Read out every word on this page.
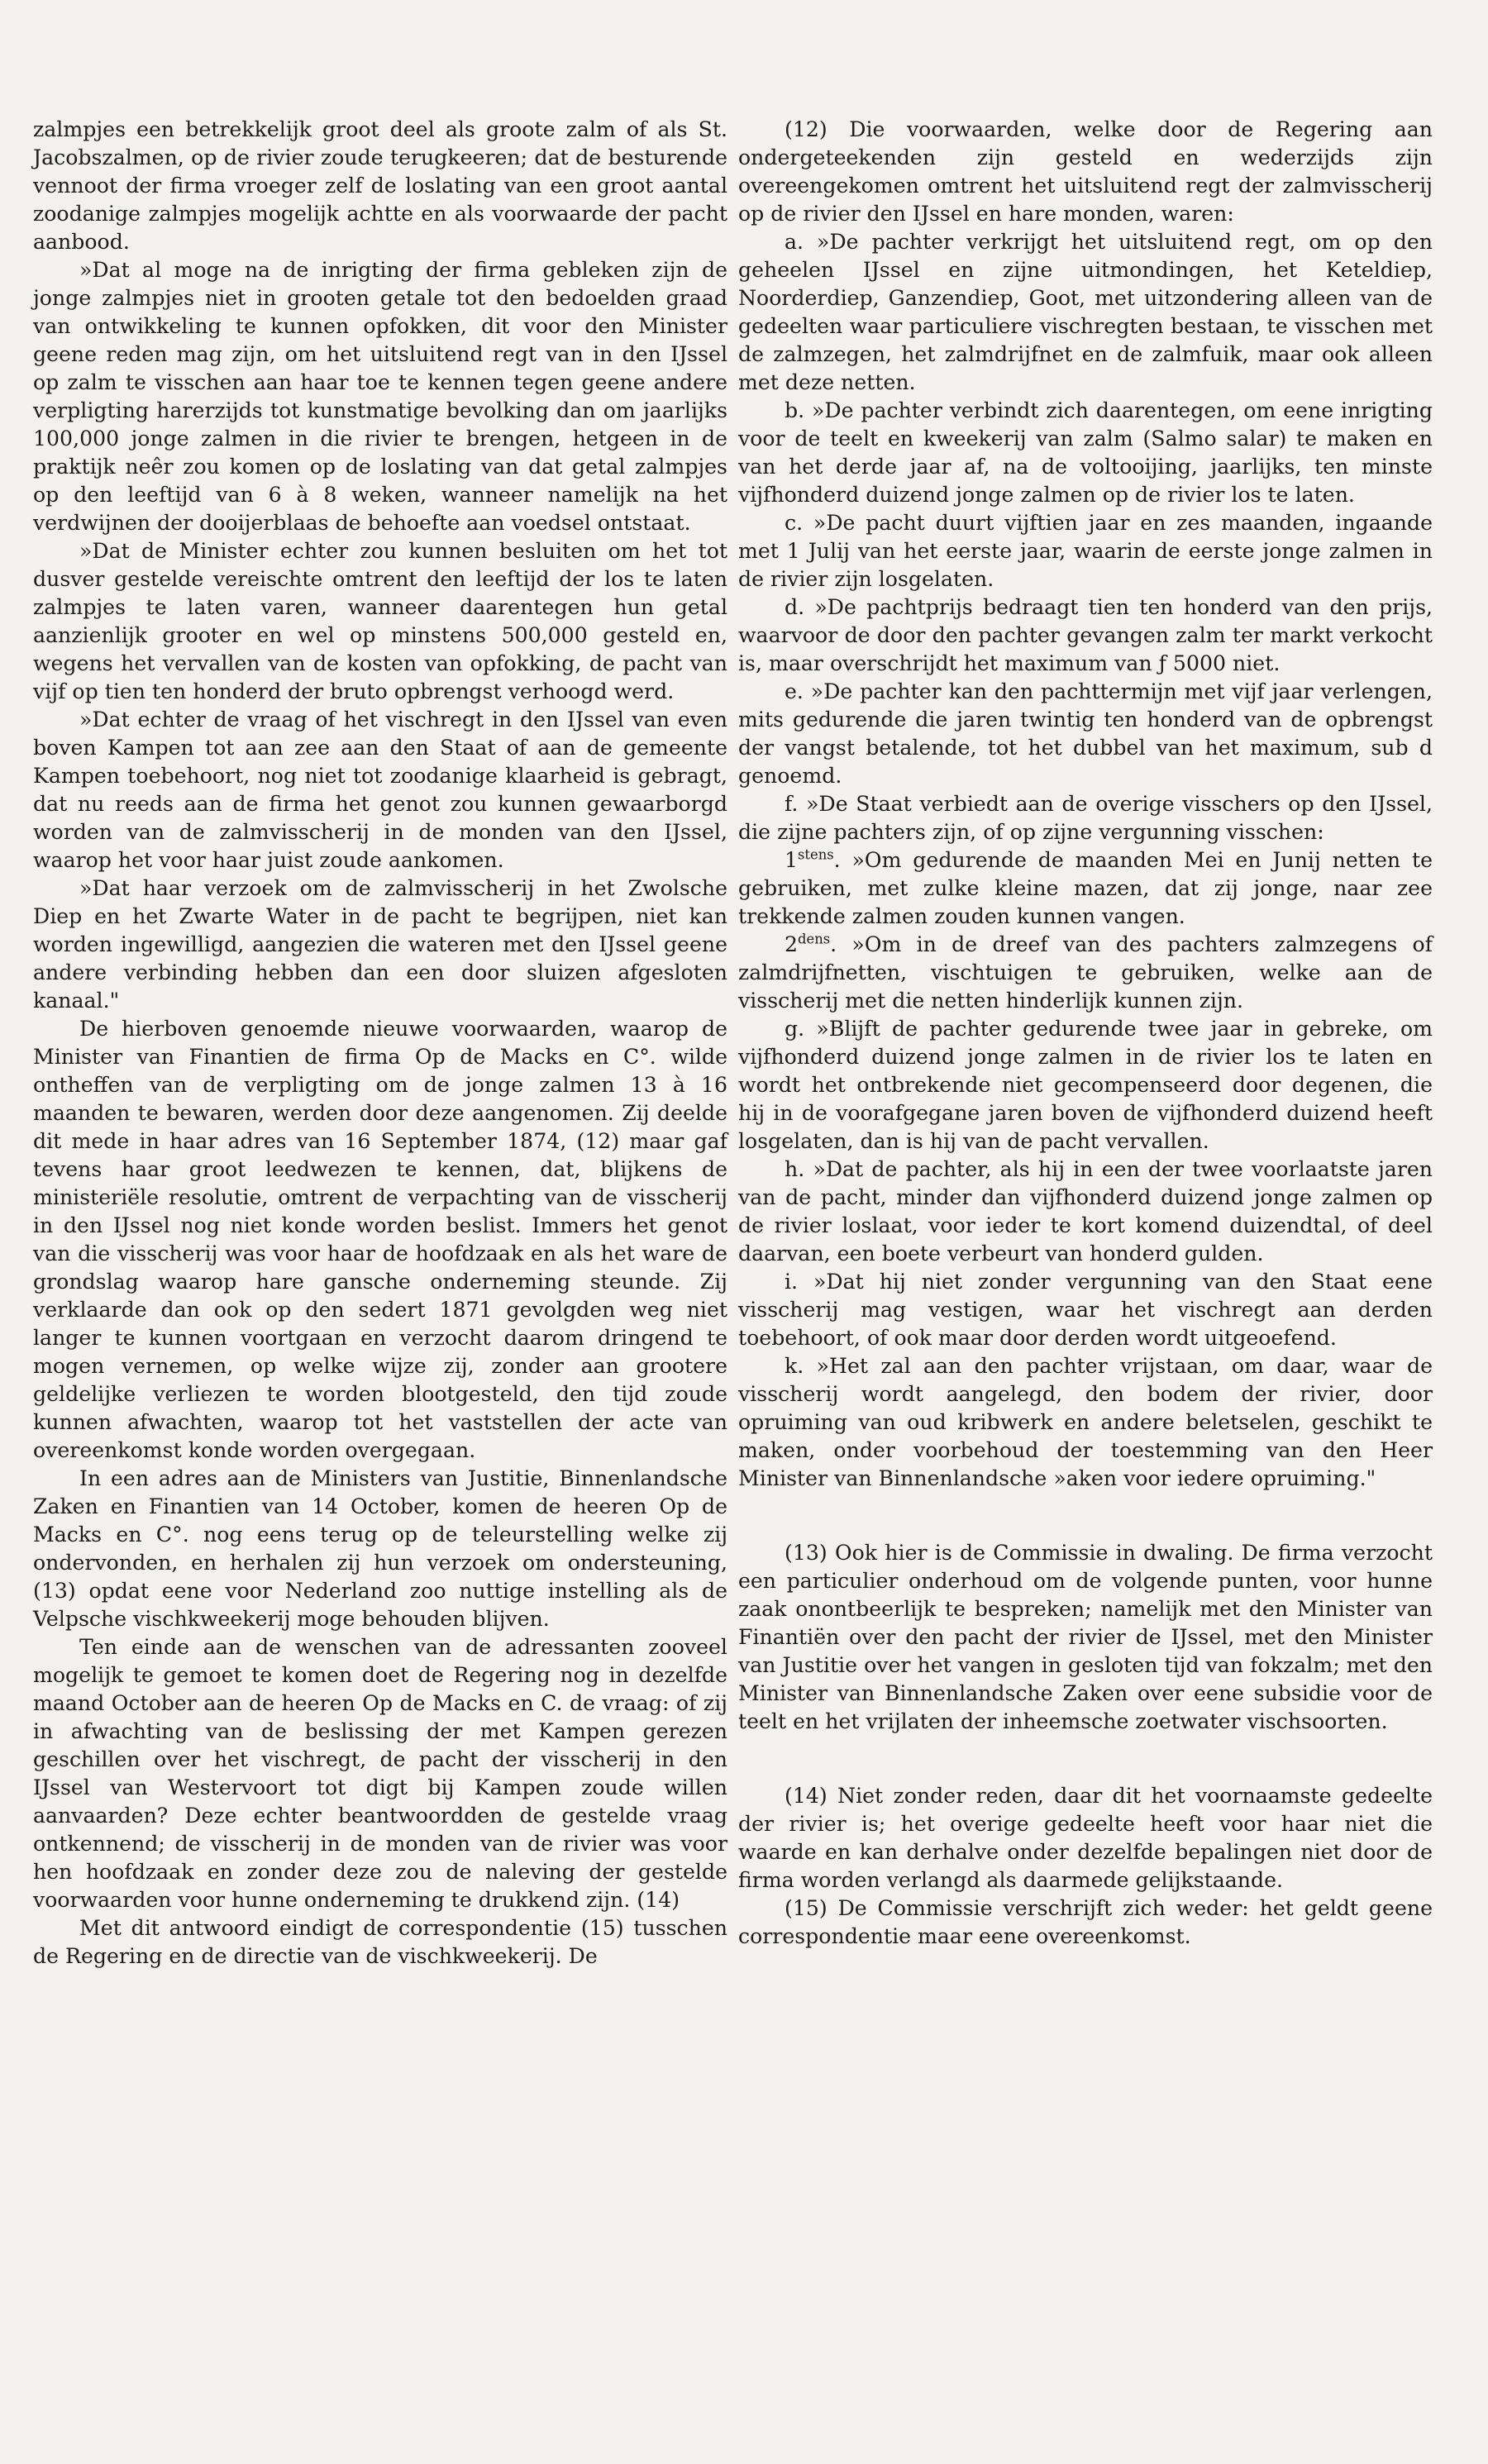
zalmpjes een betrekkelijk groot deel als groote zalm of als St. Jacobszalmen, op de rivier zoude terugkeeren; dat de besturende vennoot der firma vroeger zelf de loslating van een groot aantal zoodanige zalmpjes mogelijk achtte en als voorwaarde der pacht aanbood.

»Dat al moge na de inrigting der firma gebleken zijn de jonge zalmpjes niet in grooten getale tot den bedoelden graad van ontwikkeling te kunnen opfokken, dit voor den Minister geene reden mag zijn, om het uitsluitend regt van in den IJssel op zalm te visschen aan haar toe te kennen tegen geene andere verpligting harerzijds tot kunstmatige bevolking dan om jaarlijks 100,000 jonge zalmen in die rivier te brengen, hetgeen in de praktijk neêr zou komen op de loslating van dat getal zalmpjes op den leeftijd van 6 à 8 weken, wanneer namelijk na het verdwijnen der dooijerblaas de behoefte aan voedsel ontstaat.

»Dat de Minister echter zou kunnen besluiten om het tot dusver gestelde vereischte omtrent den leeftijd der los te laten zalmpjes te laten varen, wanneer daarentegen hun getal aanzienlijk grooter en wel op minstens 500,000 gesteld en, wegens het vervallen van de kosten van opfokking, de pacht van vijf op tien ten honderd der bruto opbrengst verhoogd werd.

»Dat echter de vraag of het vischregt in den IJssel van even boven Kampen tot aan zee aan den Staat of aan de gemeente Kampen toebehoort, nog niet tot zoodanige klaarheid is gebragt, dat nu reeds aan de firma het genot zou kunnen gewaarborgd worden van de zalmvisscherij in de monden van den IJssel, waarop het voor haar juist zoude aankomen.

»Dat haar verzoek om de zalmvisscherij in het Zwolsche Diep en het Zwarte Water in de pacht te begrijpen, niet kan worden ingewilligd, aangezien die wateren met den IJssel geene andere verbinding hebben dan een door sluizen afgesloten kanaal."

De hierboven genoemde nieuwe voorwaarden, waarop de Minister van Finantien de firma Op de Macks en C°. wilde ontheffen van de verpligting om de jonge zalmen 13 à 16 maanden te bewaren, werden door deze aangenomen. Zij deelde dit mede in haar adres van 16 September 1874, (12) maar gaf tevens haar groot leedwezen te kennen, dat, blijkens de ministeriële resolutie, omtrent de verpachting van de visscherij in den IJssel nog niet konde worden beslist. Immers het genot van die visscherij was voor haar de hoofdzaak en als het ware de grondslag waarop hare gansche onderneming steunde. Zij verklaarde dan ook op den sedert 1871 gevolgden weg niet langer te kunnen voortgaan en verzocht daarom dringend te mogen vernemen, op welke wijze zij, zonder aan grootere geldelijke verliezen te worden blootgesteld, den tijd zoude kunnen afwachten, waarop tot het vaststellen der acte van overeenkomst konde worden overgegaan.

In een adres aan de Ministers van Justitie, Binnenlandsche Zaken en Finantien van 14 October, komen de heeren Op de Macks en C°. nog eens terug op de teleurstelling welke zij ondervonden, en herhalen zij hun verzoek om ondersteuning, (13) opdat eene voor Nederland zoo nuttige instelling als de Velpsche vischkweekerij moge behouden blijven.

Ten einde aan de wenschen van de adressanten zooveel mogelijk te gemoet te komen doet de Regering nog in dezelfde maand October aan de heeren Op de Macks en C. de vraag: of zij in afwachting van de beslissing der met Kampen gerezen geschillen over het vischregt, de pacht der visscherij in den IJssel van Westervoort tot digt bij Kampen zoude willen aanvaarden? Deze echter beantwoordden de gestelde vraag ontkennend; de visscherij in de monden van de rivier was voor hen hoofdzaak en zonder deze zou de naleving der gestelde voorwaarden voor hunne onderneming te drukkend zijn. (14)

Met dit antwoord eindigt de correspondentie (15) tusschen de Regering en de directie van de vischkweekerij. De

(12) Die voorwaarden, welke door de Regering aan ondergeteekenden zijn gesteld en wederzijds zijn overeengekomen omtrent het uitsluitend regt der zalmvisscherij op de rivier den IJssel en hare monden, waren:

a. »De pachter verkrijgt het uitsluitend regt, om op den geheelen IJssel en zijne uitmondingen, het Keteldiep, Noorderdiep, Ganzendiep, Goot, met uitzondering alleen van de gedeelten waar particuliere vischregten bestaan, te visschen met de zalmzegen, het zalmdrijfnet en de zalmfuik, maar ook alleen met deze netten.

b. »De pachter verbindt zich daarentegen, om eene inrigting voor de teelt en kweekerij van zalm (Salmo salar) te maken en van het derde jaar af, na de voltooijing, jaarlijks, ten minste vijfhonderd duizend jonge zalmen op de rivier los te laten.

c. »De pacht duurt vijftien jaar en zes maanden, ingaande met 1 Julij van het eerste jaar, waarin de eerste jonge zalmen in de rivier zijn losgelaten.

d. »De pachtprijs bedraagt tien ten honderd van den prijs, waarvoor de door den pachter gevangen zalm ter markt verkocht is, maar overschrijdt het maximum van ƒ 5000 niet.

e. »De pachter kan den pachttermijn met vijf jaar verlengen, mits gedurende die jaren twintig ten honderd van de opbrengst der vangst betalende, tot het dubbel van het maximum, sub d genoemd.

f. »De Staat verbiedt aan de overige visschers op den IJssel, die zijne pachters zijn, of op zijne vergunning visschen:

$1^{stens}$. »Om gedurende de maanden Mei en Junij netten te gebruiken, met zulke kleine mazen, dat zij jonge, naar zee trekkende zalmen zouden kunnen vangen.

$2^{dens}$. »Om in de dreef van des pachters zalmzegens of zalmdrijfnetten, vischtuigen te gebruiken, welke aan de visscherij met die netten hinderlijk kunnen zijn.

g. »Blijft de pachter gedurende twee jaar in gebreke, om vijfhonderd duizend jonge zalmen in de rivier los te laten en wordt het ontbrekende niet gecompenseerd door degenen, die hij in de voorafgegane jaren boven de vijfhonderd duizend heeft losgelaten, dan is hij van de pacht vervallen.

h. »Dat de pachter, als hij in een der twee voorlaatste jaren van de pacht, minder dan vijfhonderd duizend jonge zalmen op de rivier loslaat, voor ieder te kort komend duizendtal, of deel daarvan, een boete verbeurt van honderd gulden.

i. »Dat hij niet zonder vergunning van den Staat eene visscherij mag vestigen, waar het vischregt aan derden toebehoort, of ook maar door derden wordt uitgeoefend.

k. »Het zal aan den pachter vrijstaan, om daar, waar de visscherij wordt aangelegd, den bodem der rivier, door opruiming van oud kribwerk en andere beletselen, geschikt te maken, onder voorbehoud der toestemming van den Heer Minister van Binnenlandsche »aken voor iedere opruiming."

(13) Ook hier is de Commissie in dwaling. De firma verzocht een particulier onderhoud om de volgende punten, voor hunne zaak onontbeerlijk te bespreken; namelijk met den Minister van Finantiën over den pacht der rivier de IJssel, met den Minister van Justitie over het vangen in gesloten tijd van fokzalm; met den Minister van Binnenlandsche Zaken over eene subsidie voor de teelt en het vrijlaten der inheemsche zoetwater vischsoorten.

(14) Niet zonder reden, daar dit het voornaamste gedeelte der rivier is; het overige gedeelte heeft voor haar niet die waarde en kan derhalve onder dezelfde bepalingen niet door de firma worden verlangd als daarmede gelijkstaande.

(15) De Commissie verschrijft zich weder: het geldt geene correspondentie maar eene overeenkomst.
